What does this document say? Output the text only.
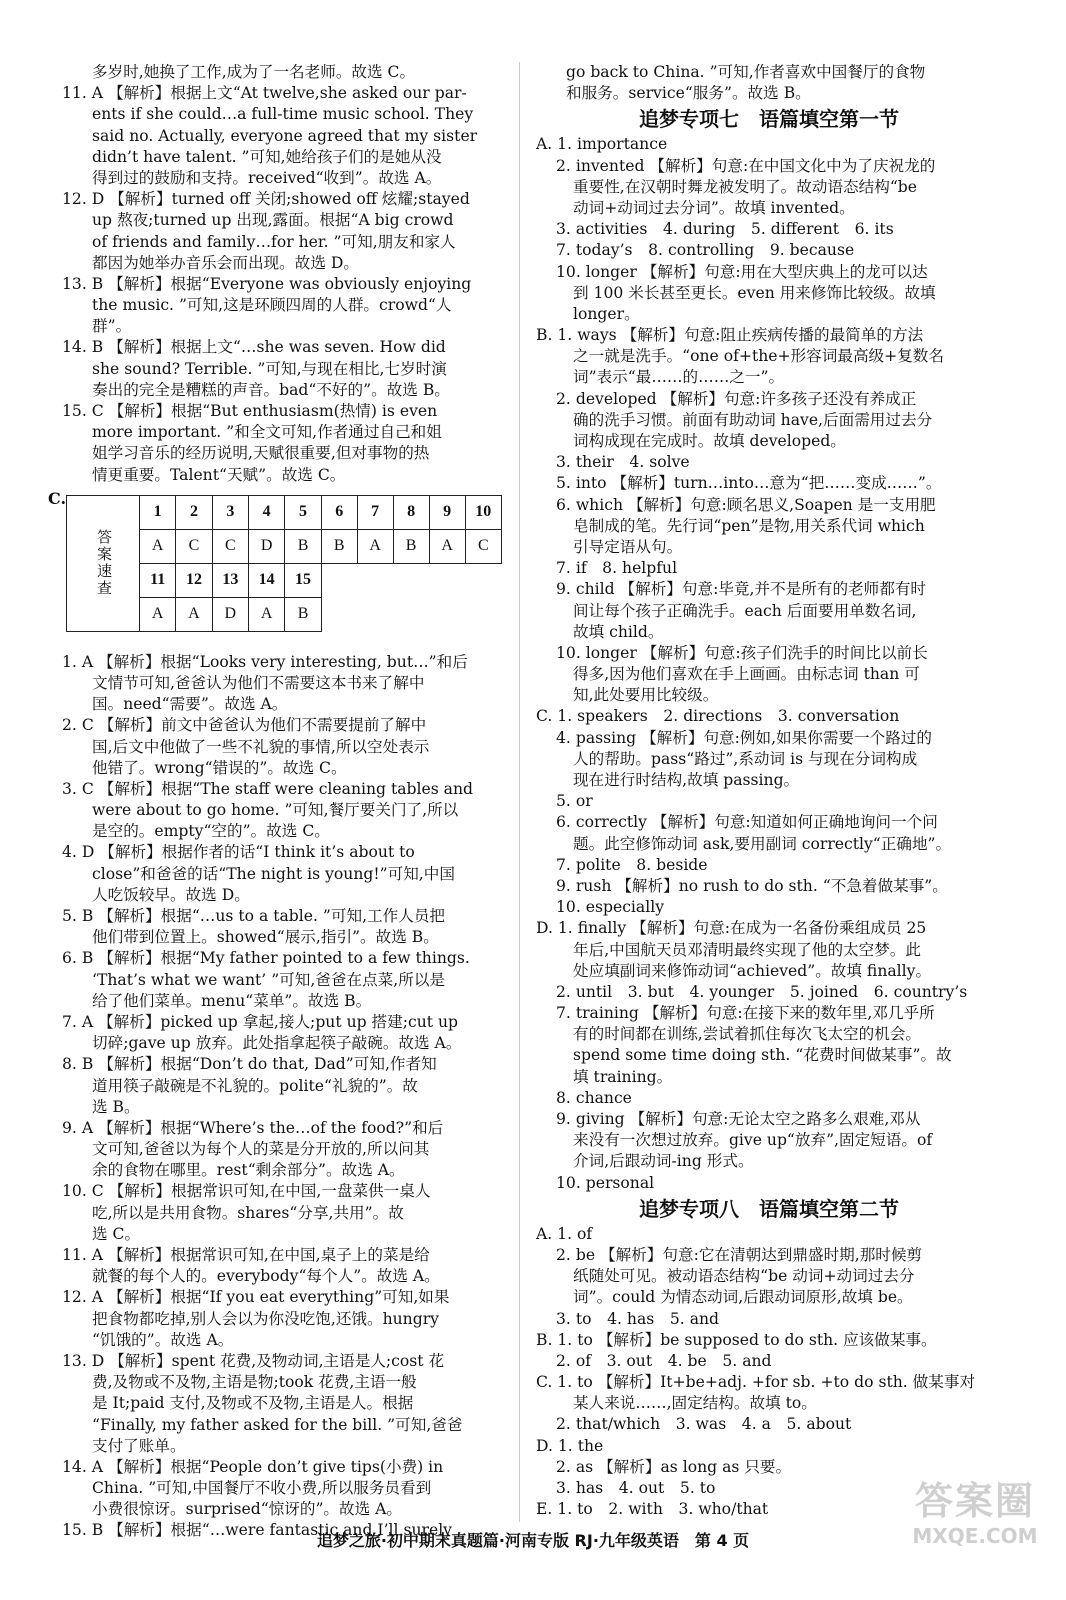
多岁时,她换了工作,成为了一名老师。故选 C。
11. A 【解析】根据上文“At twelve,she asked our par-
ents if she could…a full-time music school. They
said no. Actually, everyone agreed that my sister
didn’t have talent. ”可知,她给孩子们的是她从没
得到过的鼓励和支持。received“收到”。故选 A。
12. D 【解析】turned off 关闭;showed off 炫耀;stayed
up 熬夜;turned up 出现,露面。根据“A big crowd
of friends and family…for her. ”可知,朋友和家人
都因为她举办音乐会而出现。故选 D。
13. B 【解析】根据“Everyone was obviously enjoying
the music. ”可知,这是环顾四周的人群。crowd“人
群”。
14. B 【解析】根据上文“…she was seven. How did
she sound? Terrible. ”可知,与现在相比,七岁时演
奏出的完全是糟糕的声音。bad“不好的”。故选 B。
15. C 【解析】根据“But enthusiasm(热情) is even
more important. ”和全文可知,作者通过自己和姐
姐学习音乐的经历说明,天赋很重要,但对事物的热
情更重要。Talent“天赋”。故选 C。
C.
答案速查	1	2	3	4	5	6	7	8	9	10
	A	C	C	D	B	B	A	B	A	C
	11	12	13	14	15					
	A	A	D	A	B					
1. A 【解析】根据“Looks very interesting, but…”和后
文情节可知,爸爸认为他们不需要这本书来了解中
国。need“需要”。故选 A。
2. C 【解析】前文中爸爸认为他们不需要提前了解中
国,后文中他做了一些不礼貌的事情,所以空处表示
他错了。wrong“错误的”。故选 C。
3. C 【解析】根据“The staff were cleaning tables and
were about to go home. ”可知,餐厅要关门了,所以
是空的。empty“空的”。故选 C。
4. D 【解析】根据作者的话“I think it’s about to
close”和爸爸的话“The night is young!”可知,中国
人吃饭较早。故选 D。
5. B 【解析】根据“…us to a table. ”可知,工作人员把
他们带到位置上。showed“展示,指引”。故选 B。
6. B 【解析】根据“My father pointed to a few things.
‘That’s what we want’ ”可知,爸爸在点菜,所以是
给了他们菜单。menu“菜单”。故选 B。
7. A 【解析】picked up 拿起,接人;put up 搭建;cut up
切碎;gave up 放弃。此处指拿起筷子敲碗。故选 A。
8. B 【解析】根据“Don’t do that, Dad”可知,作者知
道用筷子敲碗是不礼貌的。polite“礼貌的”。故
选 B。
9. A 【解析】根据“Where’s the…of the food?”和后
文可知,爸爸以为每个人的菜是分开放的,所以问其
余的食物在哪里。rest“剩余部分”。故选 A。
10. C 【解析】根据常识可知,在中国,一盘菜供一桌人
吃,所以是共用食物。shares“分享,共用”。故
选 C。
11. A 【解析】根据常识可知,在中国,桌子上的菜是给
就餐的每个人的。everybody“每个人”。故选 A。
12. A 【解析】根据“If you eat everything”可知,如果
把食物都吃掉,别人会以为你没吃饱,还饿。hungry
“饥饿的”。故选 A。
13. D 【解析】spent 花费,及物动词,主语是人;cost 花
费,及物或不及物,主语是物;took 花费,主语一般
是 It;paid 支付,及物或不及物,主语是人。根据
“Finally, my father asked for the bill. ”可知,爸爸
支付了账单。
14. A 【解析】根据“People don’t give tips(小费) in
China. ”可知,中国餐厅不收小费,所以服务员看到
小费很惊讶。surprised“惊讶的”。故选 A。
15. B 【解析】根据“…were fantastic and I’ll surely
go back to China. ”可知,作者喜欢中国餐厅的食物
和服务。service“服务”。故选 B。
追梦专项七　语篇填空第一节
A. 1. importance
2. invented 【解析】句意:在中国文化中为了庆祝龙的
重要性,在汉朝时舞龙被发明了。故动语态结构“be
动词+动词过去分词”。故填 invented。
3. activities　4. during　5. different　6. its
7. today’s　8. controlling　9. because
10. longer 【解析】句意:用在大型庆典上的龙可以达
到 100 米长甚至更长。even 用来修饰比较级。故填
longer。
B. 1. ways 【解析】句意:阻止疾病传播的最简单的方法
之一就是洗手。“one of+the+形容词最高级+复数名
词”表示“最……的……之一”。
2. developed 【解析】句意:许多孩子还没有养成正
确的洗手习惯。前面有助动词 have,后面需用过去分
词构成现在完成时。故填 developed。
3. their　4. solve
5. into 【解析】turn…into…意为“把……变成……”。
6. which 【解析】句意:顾名思义,Soapen 是一支用肥
皂制成的笔。先行词“pen”是物,用关系代词 which
引导定语从句。
7. if　8. helpful
9. child 【解析】句意:毕竟,并不是所有的老师都有时
间让每个孩子正确洗手。each 后面要用单数名词,
故填 child。
10. longer 【解析】句意:孩子们洗手的时间比以前长
得多,因为他们喜欢在手上画画。由标志词 than 可
知,此处要用比较级。
C. 1. speakers　2. directions　3. conversation
4. passing 【解析】句意:例如,如果你需要一个路过的
人的帮助。pass“路过”,系动词 is 与现在分词构成
现在进行时结构,故填 passing。
5. or
6. correctly 【解析】句意:知道如何正确地询问一个问
题。此空修饰动词 ask,要用副词 correctly“正确地”。
7. polite　8. beside
9. rush 【解析】no rush to do sth. “不急着做某事”。
10. especially
D. 1. finally 【解析】句意:在成为一名备份乘组成员 25
年后,中国航天员邓清明最终实现了他的太空梦。此
处应填副词来修饰动词“achieved”。故填 finally。
2. until　3. but　4. younger　5. joined　6. country’s
7. training 【解析】句意:在接下来的数年里,邓几乎所
有的时间都在训练,尝试着抓住每次飞太空的机会。
spend some time doing sth. “花费时间做某事”。故
填 training。
8. chance
9. giving 【解析】句意:无论太空之路多么艰难,邓从
来没有一次想过放弃。give up“放弃”,固定短语。of
介词,后跟动词-ing 形式。
10. personal
追梦专项八　语篇填空第二节
A. 1. of
2. be 【解析】句意:它在清朝达到鼎盛时期,那时候剪
纸随处可见。被动语态结构“be 动词+动词过去分
词”。could 为情态动词,后跟动词原形,故填 be。
3. to　4. has　5. and
B. 1. to 【解析】be supposed to do sth. 应该做某事。
2. of　3. out　4. be　5. and
C. 1. to 【解析】It+be+adj. +for sb. +to do sth. 做某事对
某人来说……,固定结构。故填 to。
2. that/which　3. was　4. a　5. about
D. 1. the
2. as 【解析】as long as 只要。
3. has　4. out　5. to
E. 1. to　2. with　3. who/that
追梦之旅·初中期末真题篇·河南专版 RJ·九年级英语　第 4 页
答案圈
MXQE.COM
